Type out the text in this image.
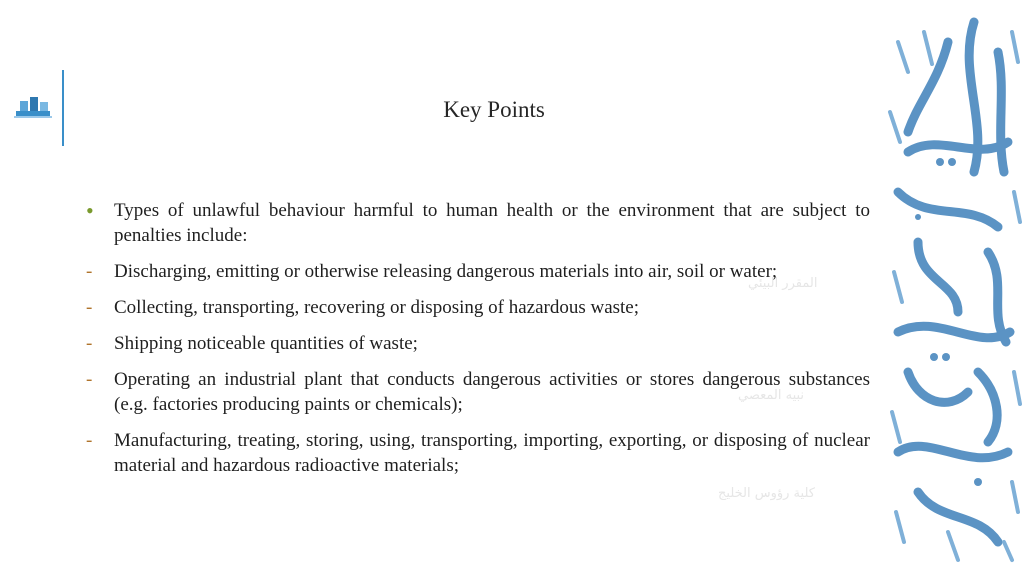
Key Points
•	Types of unlawful behaviour harmful to human health or the environment that are subject to penalties include:
-	Discharging, emitting or otherwise releasing dangerous materials into air, soil or water;
-	Collecting, transporting, recovering or disposing of hazardous waste;
-	Shipping noticeable quantities of waste;
-	Operating an industrial plant that conducts dangerous activities or stores dangerous substances (e.g. factories producing paints or chemicals);
-	Manufacturing, treating, storing, using, transporting, importing, exporting, or disposing of nuclear material and hazardous radioactive materials;
المقرر البيئي
نبيه المعصي
كلية رؤوس الخليج
